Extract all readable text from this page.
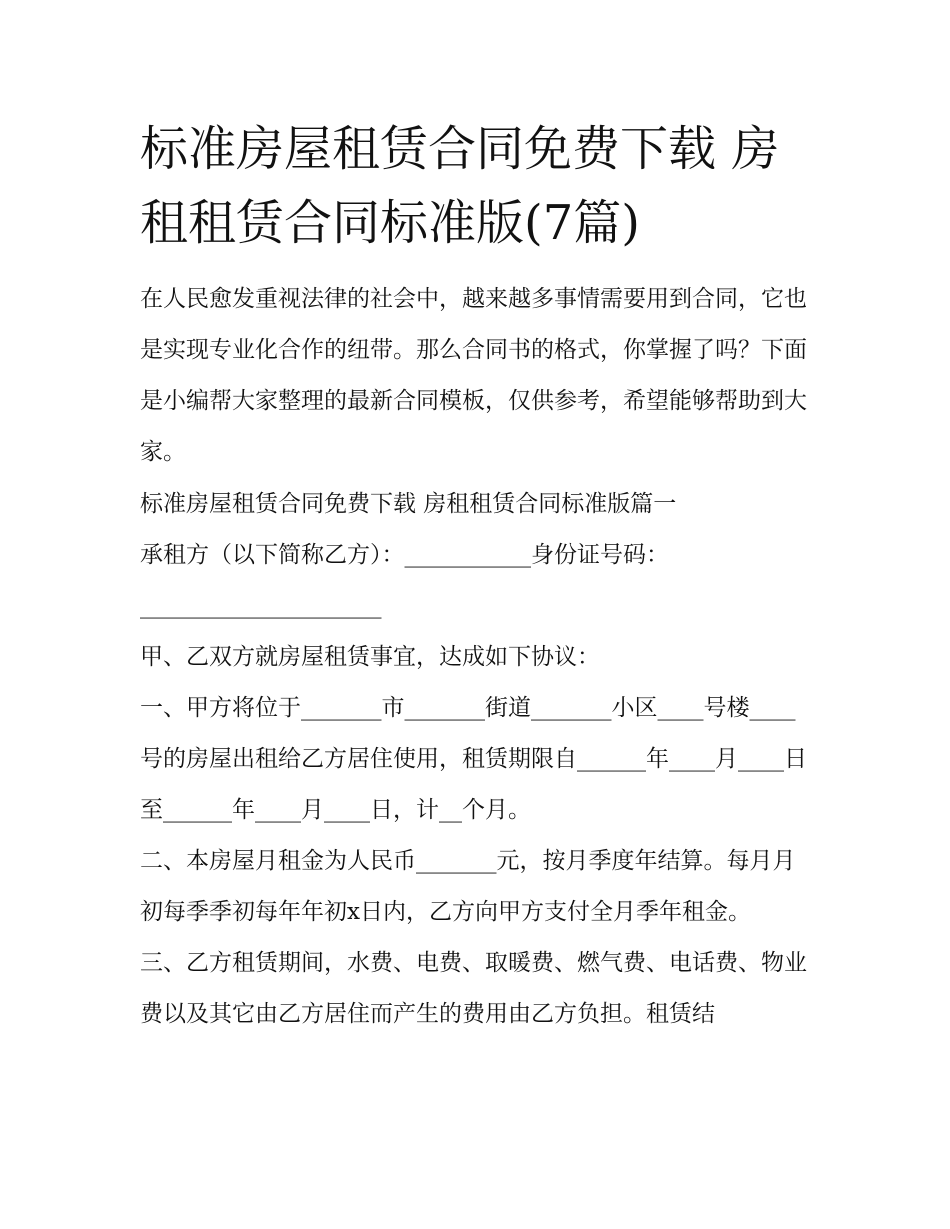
标准房屋租赁合同免费下载 房租租赁合同标准版(7篇)

在人民愈发重视法律的社会中，越来越多事情需要用到合同，它也是实现专业化合作的纽带。那么合同书的格式，你掌握了吗？下面是小编帮大家整理的最新合同模板，仅供参考，希望能够帮助到大家。

标准房屋租赁合同免费下载 房租租赁合同标准版篇一

承租方（以下简称乙方）：___________身份证号码：

_____________________

甲、乙双方就房屋租赁事宜，达成如下协议：

一、甲方将位于_______市_______街道_______小区____号楼____号的房屋出租给乙方居住使用，租赁期限自______年____月____日至______年____月____日，计__个月。

二、本房屋月租金为人民币_______元，按月季度年结算。每月月初每季季初每年年初x日内，乙方向甲方支付全月季年租金。

三、乙方租赁期间，水费、电费、取暖费、燃气费、电话费、物业费以及其它由乙方居住而产生的费用由乙方负担。租赁结
